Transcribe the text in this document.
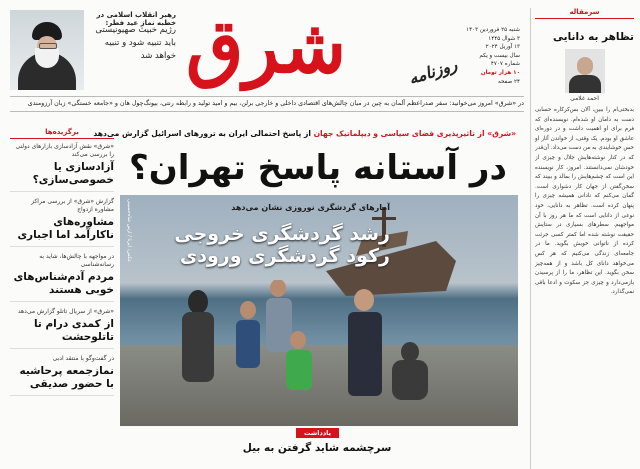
رهبر انقلاب اسلامی در خطبه نماز عید فطر:
رژیم خبیث صهیونیستی باید تنبیه شود و تنبیه خواهد شد شرق	روزنامه
شنبه ۲۵ فروردین ۱۴۰۳
۳ شوال ۱۴۴۵
۱۳ آوریل ۲۰۲۴
سال بیست و یکم
شماره ۴۷۰۷
۱۰ هزار تومان
۲۴ صفحه
در «شرق» امروز می‌خوانید: سفر صدراعظم آلمان به چین در میان چالش‌های اقتصادی داخلی و خارجی برلن، بیم و امید تولید و رابطه رنتی، بیونگ‌چول هان و «جامعه خستگی» زبان آرزومندی
«شرق» از تاثیرپذیری فضای سیاسی و دیپلماتیک جهان از پاسخ احتمالی ایران به ترورهای اسرائیل گزارش می‌دهد
در آستانه پاسخ تهران؟
برگزیده‌ها
«شرق» نقش آزادسازی بازارهای دولتی را بررسی می‌کند
آزادسازی یا خصوصی‌سازی؟
گزارش «شرق» از بررسی مراکز مشاوره ازدواج
مشاوره‌های ناکارآمد اما اجباری
در مواجهه با چالش‌ها، شاید به رسانه‌شناسی
مردم آدم‌شناس‌های خوبی هستند
«شرق» از سریال تاتلو گزارش می‌دهد
از کمدی درام تا تاتلوحشت
در گفت‌وگو با منتقد ادبی
نمازجمعه پرحاشیه با حضور صدیقی
عکس: ایرنا / ارس شاه‌حسینی	آمارهای گردشگری نوروزی نشان می‌دهد
رشد گردشگری خروجی
رکود گردشگری ورودی
یادداشت
سرچشمه شاید گرفتن به بیل
سرمقاله
تظاهر به دانایی
احمد غلامی
بدبختی‌ام را ببین، آلان بس‌کرکاره حسابی دست به دامان او شده‌ام. نویسنده‌ای که فرم برای او اهمیت داشت و در دوره‌ای عاشق او بودم. یک وقتی، از خواندن آثار او حس خوشایندی به من دست می‌داد. آن‌قدر که در کنار نوشته‌هایش جلال و چیزی از خودشان نمی‌دانستند. امروز، کار نویسنده این است که چشم‌هایش را بمالد و ببیند که سخن‌گفتن از جهان کار دشواری است. گمان می‌کنم که نادانی همیشه چیزی را پنهان کرده است. تظاهر به دانایی، خود نوعی از دانایی است که ما هر روز با آن مواجهیم. سطرهای بسیاری در ستایش حقیقت نوشته شده اما کمتر کسی جرئت کرده از ناتوانی خویش بگوید. ما در جامعه‌ای زندگی می‌کنیم که هر کس می‌خواهد دانای کل باشد و از همه‌چیز سخن بگوید. این تظاهر، ما را از پرسیدن بازمی‌دارد و چیزی جز سکوت و ادعا باقی نمی‌گذارد.
